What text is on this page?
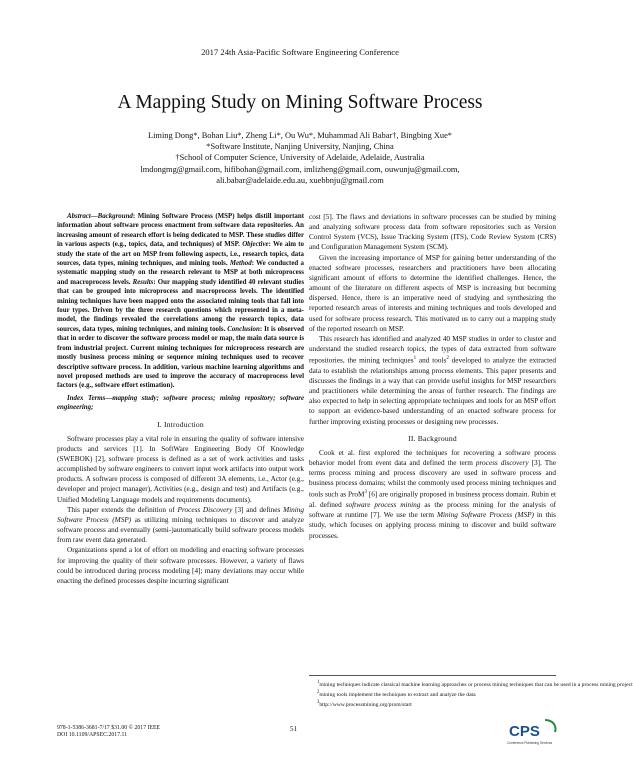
2017 24th Asia-Pacific Software Engineering Conference
A Mapping Study on Mining Software Process
Liming Dong*, Bohan Liu*, Zheng Li*, Ou Wu*, Muhammad Ali Babar†, Bingbing Xue*
*Software Institute, Nanjing University, Nanjing, China
†School of Computer Science, University of Adelaide, Adelaide, Australia
lmdongmg@gmail.com, hifibohan@gmail.com, imlizheng@gmail.com, ouwunju@gmail.com,
ali.babar@adelaide.edu.au, xuebbnju@gmail.com

Abstract—Background: Mining Software Process (MSP) helps distill important information about software process enactment from software data repositories. An increasing amount of research effort is being dedicated to MSP. These studies differ in various aspects (e.g., topics, data, and techniques) of MSP. Objective: We aim to study the state of the art on MSP from following aspects, i.e., research topics, data sources, data types, mining techniques, and mining tools. Method: We conducted a systematic mapping study on the research relevant to MSP at both microprocess and macroprocess levels. Results: Our mapping study identified 40 relevant studies that can be grouped into microprocess and macroprocess levels. The identified mining techniques have been mapped onto the associated mining tools that fall into four types. Driven by the three research questions which represented in a meta-model, the findings revealed the correlations among the research topics, data sources, data types, mining techniques, and mining tools. Conclusion: It is observed that in order to discover the software process model or map, the main data source is from industrial project. Current mining techniques for microprocess research are mostly business process mining or sequence mining techniques used to recover descriptive software process. In addition, various machine learning algorithms and novel proposed methods are used to improve the accuracy of macroprocess level factors (e.g., software effort estimation).

Index Terms—mapping study; software process; mining repository; software engineering;

I. Introduction

Software processes play a vital role in ensuring the quality of software intensive products and services [1]. In SoftWare Engineering Body Of Knowledge (SWEBOK) [2], software process is defined as a set of work activities and tasks accomplished by software engineers to convert input work artifacts into output work products. A software process is composed of different 3A elements, i.e., Actor (e.g., developer and project manager), Activities (e.g., design and test) and Artifacts (e.g., Unified Modeling Language models and requirements documents).

This paper extends the definition of Process Discovery [3] and defines Mining Software Process (MSP) as utilizing mining techniques to discover and analyze software process and eventually (semi-)automatically build software process models from raw event data generated.

Organizations spend a lot of effort on modeling and enacting software processes for improving the quality of their software processes. However, a variety of flaws could be introduced during process modeling [4]; many deviations may occur while enacting the defined processes despite incurring significant

cost [5]. The flaws and deviations in software processes can be studied by mining and analyzing software process data from software repositories such as Version Control System (VCS), Issue Tracking System (ITS), Code Review System (CRS) and Configuration Management System (SCM).

Given the increasing importance of MSP for gaining better understanding of the enacted software processes, researchers and practitioners have been allocating significant amount of efforts to determine the identified challenges. Hence, the amount of the literature on different aspects of MSP is increasing but becoming dispersed. Hence, there is an imperative need of studying and synthesizing the reported research areas of interests and mining techniques and tools developed and used for software process research. This motivated us to carry out a mapping study of the reported research on MSP.

This research has identified and analyzed 40 MSP studies in order to cluster and understand the studied research topics, the types of data extracted from software repositories, the mining techniques$^1$ and tools$^2$ developed to analyze the extracted data to establish the relationships among process elements. This paper presents and discusses the findings in a way that can provide useful insights for MSP researchers and practitioners while determining the areas of further research. The findings are also expected to help in selecting appropriate techniques and tools for an MSP effort to support an evidence-based understanding of an enacted software process for further improving existing processes or designing new processes.

II. Background

Cook et al. first explored the techniques for recovering a software process behavior model from event data and defined the term process discovery [3]. The terms process mining and process discovery are used in software process and business process domains; whilst the commonly used process mining techniques and tools such as ProM$^3$ [6] are originally proposed in business process domain. Rubin et al. defined software process mining as the process mining for the analysis of software at runtime [7]. We use the term Mining Software Process (MSP) in this study, which focuses on applying process mining to discover and build software processes.

$^1$mining techniques indicate classical machine learning approaches or process mining techniques that can be used in a process mining project
$^2$mining tools implement the techniques to extract and analyze the data
$^3$http://www.processmining.org/prom/start
978-1-5386-3681-7/17 $31.00 © 2017 IEEE
DOI 10.1109/APSEC.2017.11
51	CPS
Conference Publishing Services
